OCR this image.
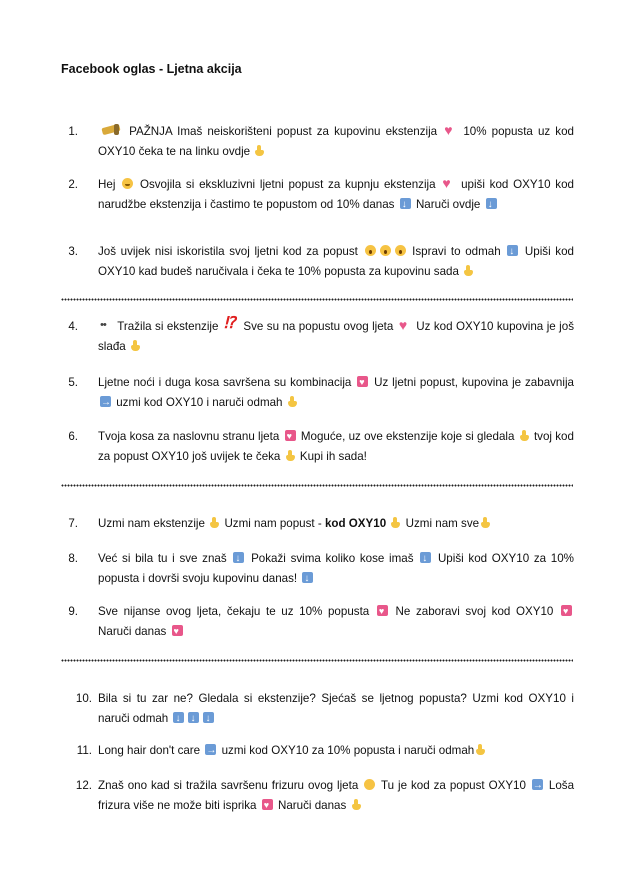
Facebook oglas - Ljetna akcija
1.	PAŽNJA Imaš neiskorišteni popust za kupovinu ekstenzija ♥ 10% popusta uz kod OXY10 čeka te na linku ovdje
2.	Hej Osvojila si ekskluzivni ljetni popust za kupnju ekstenzija ♥ upiši kod OXY10 kod narudžbe ekstenzija i častimo te popustom od 10% danas ↓ Naruči ovdje ↓
3.	Još uvijek nisi iskoristila svoj ljetni kod za popust	Ispravi to odmah ↓ Upiši kod OXY10 kad budeš naručivala i čeka te 10% popusta za kupovinu sada
4. ••	Tražila si ekstenzije ⁉ Sve su na popustu ovog ljeta ♥ Uz kod OXY10 kupovina je još slađa
5.	Ljetne noći i duga kosa savršena su kombinacija ♥ Uz ljetni popust, kupovina je zabavnija → uzmi kod OXY10 i naruči odmah
6.	Tvoja kosa za naslovnu stranu ljeta ♥ Moguće, uz ove ekstenzije koje si gledala tvoj kod za popust OXY10 još uvijek te čeka Kupi ih sada!
7.	Uzmi nam ekstenzije Uzmi nam popust - kod OXY10 Uzmi nam sve
8.	Već si bila tu i sve znaš ↓ Pokaži svima koliko kose imaš ↓ Upiši kod OXY10 za 10% popusta i dovrši svoju kupovinu danas! ↓
9.	Sve nijanse ovog ljeta, čekaju te uz 10% popusta ♥ Ne zaboravi svoj kod OXY10 ♥ Naruči danas ♥
10. Bila si tu zar ne? Gledala si ekstenzije? Sjećaš se ljetnog popusta? Uzmi kod OXY10 i naruči odmah ↓↓↓
11. Long hair don't care → uzmi kod OXY10 za 10% popusta i naruči odmah
12. Znaš ono kad si tražila savršenu frizuru ovog ljeta Tu je kod za popust OXY10 → Loša frizura više ne može biti isprika ♥ Naruči danas
